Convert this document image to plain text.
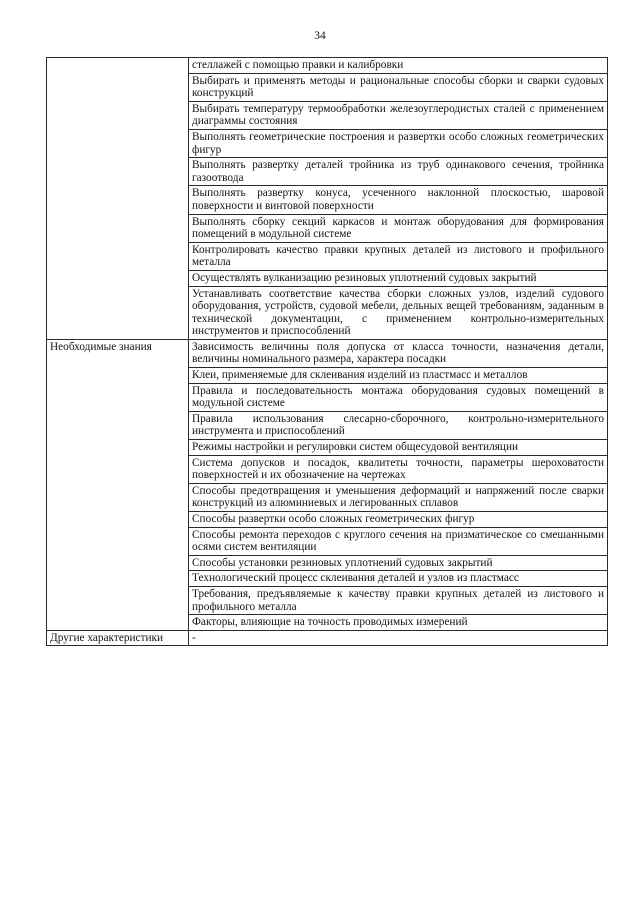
34

	стеллажей с помощью правки и калибровки

	Выбирать и применять методы и рациональные способы сборки и сварки судовых конструкций

	Выбирать температуру термообработки железоуглеродистых сталей с применением диаграммы состояния

	Выполнять геометрические построения и развертки особо сложных геометрических фигур

	Выполнять развертку деталей тройника из труб одинакового сечения, тройника газоотвода

	Выполнять развертку конуса, усеченного наклонной плоскостью, шаровой поверхности и винтовой поверхности

	Выполнять сборку секций каркасов и монтаж оборудования для формирования помещений в модульной системе

	Контролировать качество правки крупных деталей из листового и профильного металла

	Осуществлять вулканизацию резиновых уплотнений судовых закрытий

	Устанавливать соответствие качества сборки сложных узлов, изделий судового оборудования, устройств, судовой мебели, дельных вещей требованиям, заданным в технической документации, с применением контрольно-измерительных инструментов и приспособлений

Необходимые знания	Зависимость величины поля допуска от класса точности, назначения детали, величины номинального размера, характера посадки

	Клеи, применяемые для склеивания изделий из пластмасс и металлов

	Правила и последовательность монтажа оборудования судовых помещений в модульной системе

	Правила использования слесарно-сборочного, контрольно-измерительного инструмента и приспособлений

	Режимы настройки и регулировки систем общесудовой вентиляции

	Система допусков и посадок, квалитеты точности, параметры шероховатости поверхностей и их обозначение на чертежах

	Способы предотвращения и уменьшения деформаций и напряжений после сварки конструкций из алюминиевых и легированных сплавов

	Способы развертки особо сложных геометрических фигур

	Способы ремонта переходов с круглого сечения на призматическое со смешанными осями систем вентиляции

	Способы установки резиновых уплотнений судовых закрытий

	Технологический процесс склеивания деталей и узлов из пластмасс

	Требования, предъявляемые к качеству правки крупных деталей из листового и профильного металла

	Факторы, влияющие на точность проводимых измерений

Другие характеристики	-
